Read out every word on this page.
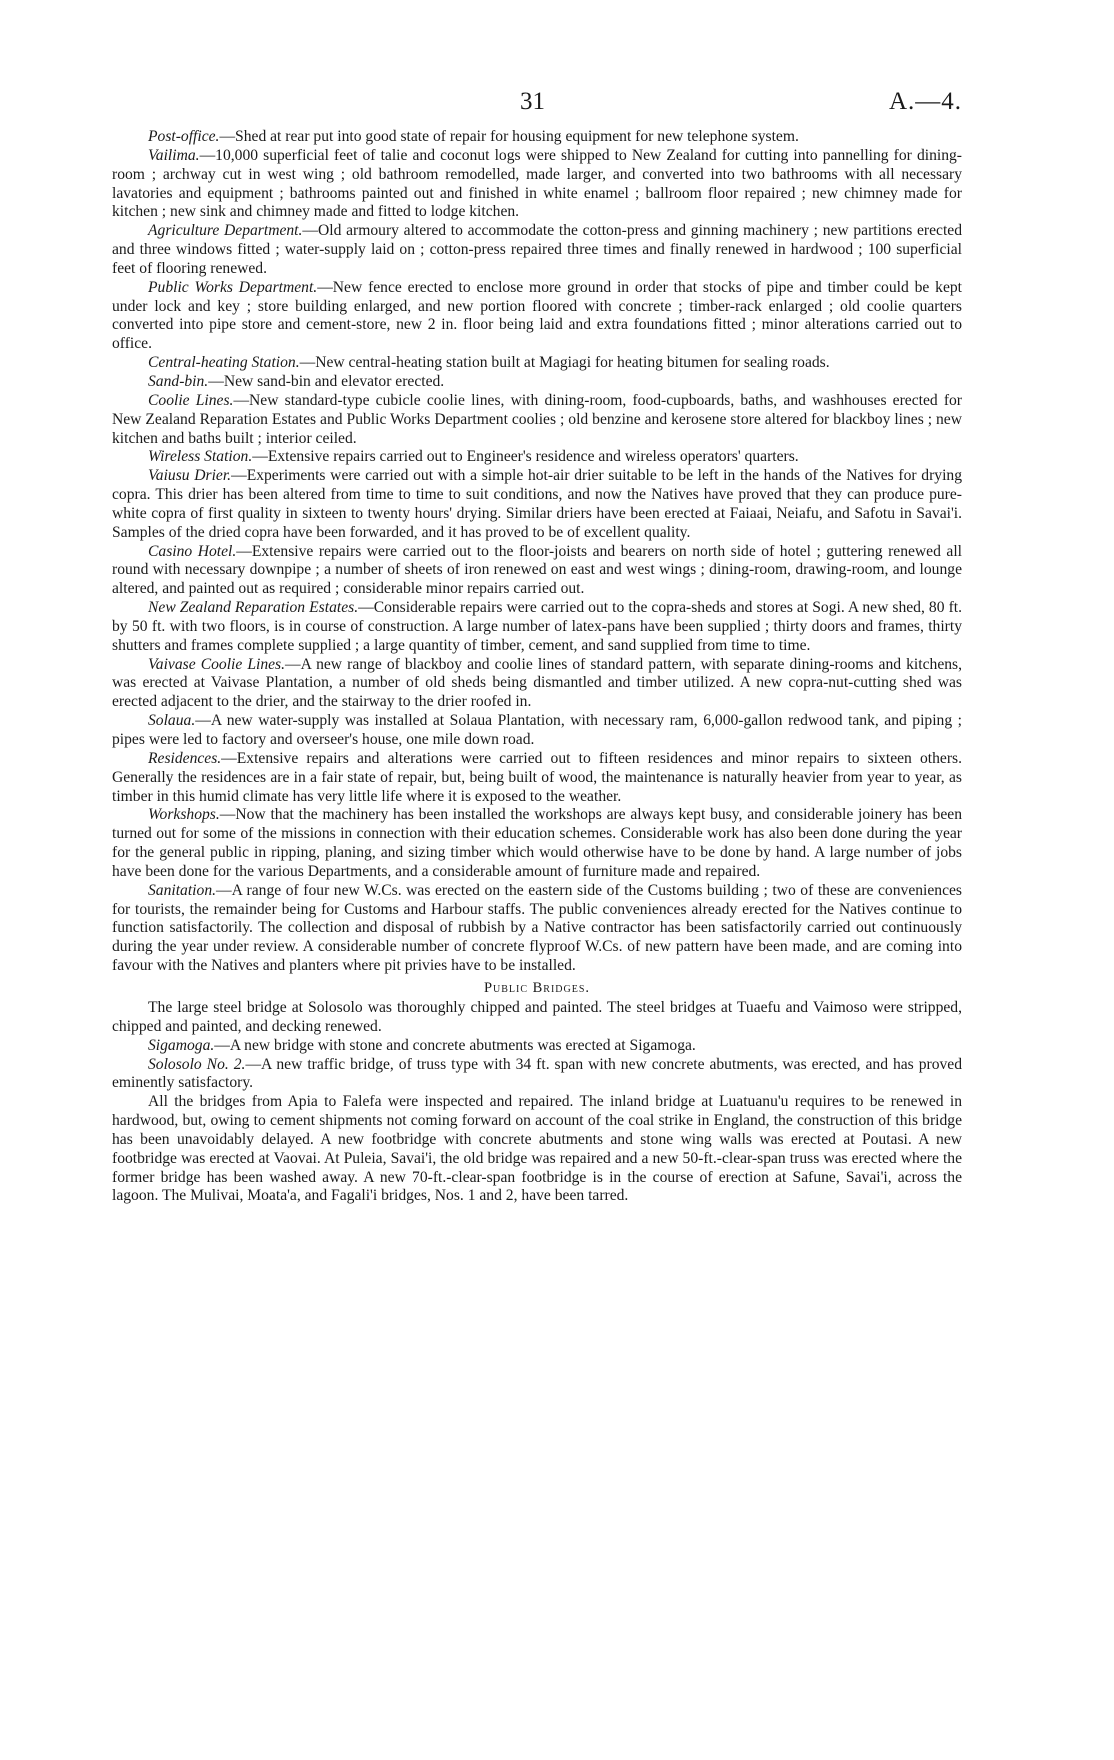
31	A.—4.

Post-office.—Shed at rear put into good state of repair for housing equipment for new telephone system.

Vailima.—10,000 superficial feet of talie and coconut logs were shipped to New Zealand for cutting into pannelling for dining-room ; archway cut in west wing ; old bathroom remodelled, made larger, and converted into two bathrooms with all necessary lavatories and equipment ; bathrooms painted out and finished in white enamel ; ballroom floor repaired ; new chimney made for kitchen ; new sink and chimney made and fitted to lodge kitchen.

Agriculture Department.—Old armoury altered to accommodate the cotton-press and ginning machinery ; new partitions erected and three windows fitted ; water-supply laid on ; cotton-press repaired three times and finally renewed in hardwood ; 100 superficial feet of flooring renewed.

Public Works Department.—New fence erected to enclose more ground in order that stocks of pipe and timber could be kept under lock and key ; store building enlarged, and new portion floored with concrete ; timber-rack enlarged ; old coolie quarters converted into pipe store and cement-store, new 2 in. floor being laid and extra foundations fitted ; minor alterations carried out to office.

Central-heating Station.—New central-heating station built at Magiagi for heating bitumen for sealing roads.

Sand-bin.—New sand-bin and elevator erected.

Coolie Lines.—New standard-type cubicle coolie lines, with dining-room, food-cupboards, baths, and washhouses erected for New Zealand Reparation Estates and Public Works Department coolies ; old benzine and kerosene store altered for blackboy lines ; new kitchen and baths built ; interior ceiled.

Wireless Station.—Extensive repairs carried out to Engineer's residence and wireless operators' quarters.

Vaiusu Drier.—Experiments were carried out with a simple hot-air drier suitable to be left in the hands of the Natives for drying copra. This drier has been altered from time to time to suit conditions, and now the Natives have proved that they can produce pure-white copra of first quality in sixteen to twenty hours' drying. Similar driers have been erected at Faiaai, Neiafu, and Safotu in Savai'i. Samples of the dried copra have been forwarded, and it has proved to be of excellent quality.

Casino Hotel.—Extensive repairs were carried out to the floor-joists and bearers on north side of hotel ; guttering renewed all round with necessary downpipe ; a number of sheets of iron renewed on east and west wings ; dining-room, drawing-room, and lounge altered, and painted out as required ; considerable minor repairs carried out.

New Zealand Reparation Estates.—Considerable repairs were carried out to the copra-sheds and stores at Sogi. A new shed, 80 ft. by 50 ft. with two floors, is in course of construction. A large number of latex-pans have been supplied ; thirty doors and frames, thirty shutters and frames complete supplied ; a large quantity of timber, cement, and sand supplied from time to time.

Vaivase Coolie Lines.—A new range of blackboy and coolie lines of standard pattern, with separate dining-rooms and kitchens, was erected at Vaivase Plantation, a number of old sheds being dismantled and timber utilized. A new copra-nut-cutting shed was erected adjacent to the drier, and the stairway to the drier roofed in.

Solaua.—A new water-supply was installed at Solaua Plantation, with necessary ram, 6,000-gallon redwood tank, and piping ; pipes were led to factory and overseer's house, one mile down road.

Residences.—Extensive repairs and alterations were carried out to fifteen residences and minor repairs to sixteen others. Generally the residences are in a fair state of repair, but, being built of wood, the maintenance is naturally heavier from year to year, as timber in this humid climate has very little life where it is exposed to the weather.

Workshops.—Now that the machinery has been installed the workshops are always kept busy, and considerable joinery has been turned out for some of the missions in connection with their education schemes. Considerable work has also been done during the year for the general public in ripping, planing, and sizing timber which would otherwise have to be done by hand. A large number of jobs have been done for the various Departments, and a considerable amount of furniture made and repaired.

Sanitation.—A range of four new W.Cs. was erected on the eastern side of the Customs building ; two of these are conveniences for tourists, the remainder being for Customs and Harbour staffs. The public conveniences already erected for the Natives continue to function satisfactorily. The collection and disposal of rubbish by a Native contractor has been satisfactorily carried out continuously during the year under review. A considerable number of concrete flyproof W.Cs. of new pattern have been made, and are coming into favour with the Natives and planters where pit privies have to be installed.

Public Bridges.

The large steel bridge at Solosolo was thoroughly chipped and painted. The steel bridges at Tuaefu and Vaimoso were stripped, chipped and painted, and decking renewed.

Sigamoga.—A new bridge with stone and concrete abutments was erected at Sigamoga.

Solosolo No. 2.—A new traffic bridge, of truss type with 34 ft. span with new concrete abutments, was erected, and has proved eminently satisfactory.

All the bridges from Apia to Falefa were inspected and repaired. The inland bridge at Luatuanu'u requires to be renewed in hardwood, but, owing to cement shipments not coming forward on account of the coal strike in England, the construction of this bridge has been unavoidably delayed. A new footbridge with concrete abutments and stone wing walls was erected at Poutasi. A new footbridge was erected at Vaovai. At Puleia, Savai'i, the old bridge was repaired and a new 50-ft.-clear-span truss was erected where the former bridge has been washed away. A new 70-ft.-clear-span footbridge is in the course of erection at Safune, Savai'i, across the lagoon. The Mulivai, Moata'a, and Fagali'i bridges, Nos. 1 and 2, have been tarred.
